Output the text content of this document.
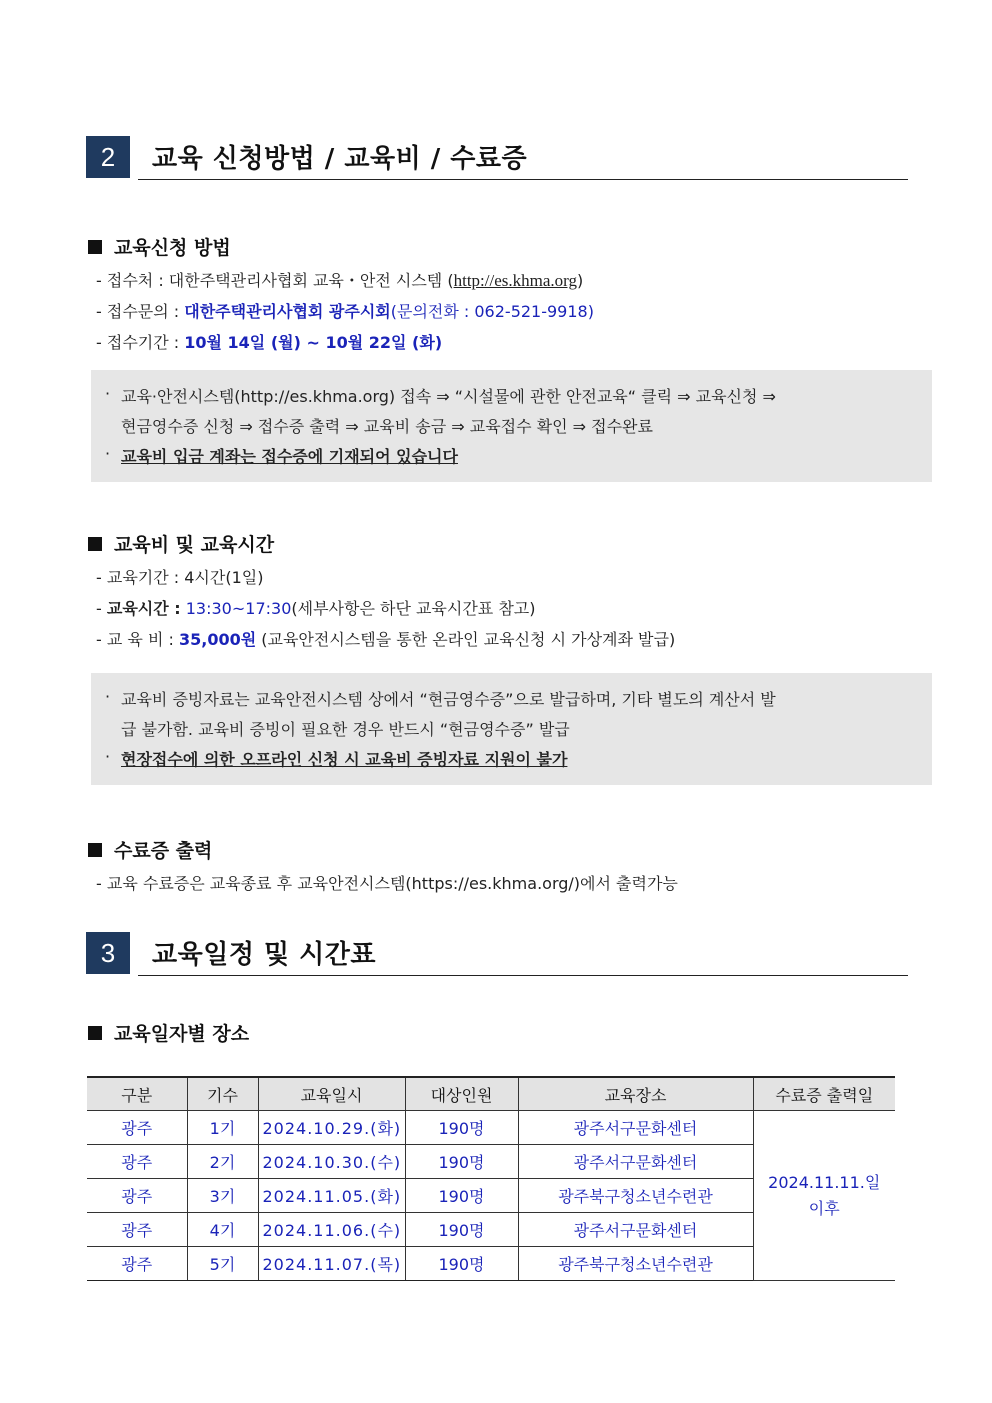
2	교육 신청방법 / 교육비 / 수료증
교육신청 방법
- 접수처 : 대한주택관리사협회 교육・안전 시스템 (http://es.khma.org)
- 접수문의 : 대한주택관리사협회 광주시회(문의전화 : 062-521-9918)
- 접수기간 : 10월 14일 (월) ~ 10월 22일 (화)
· 교육·안전시스템(http://es.khma.org) 접속 ⇒ “시설물에 관한 안전교육“ 클릭 ⇒ 교육신청 ⇒
현금영수증 신청 ⇒ 접수증 출력 ⇒ 교육비 송금 ⇒ 교육접수 확인 ⇒ 접수완료
· 교육비 입금 계좌는 접수증에 기재되어 있습니다
교육비 및 교육시간
- 교육기간 : 4시간(1일)
- 교육시간 : 13:30~17:30(세부사항은 하단 교육시간표 참고)
- 교 육 비 : 35,000원 (교육안전시스템을 통한 온라인 교육신청 시 가상계좌 발급)
· 교육비 증빙자료는 교육안전시스템 상에서 “현금영수증”으로 발급하며, 기타 별도의 계산서 발
급 불가함. 교육비 증빙이 필요한 경우 반드시 “현금영수증” 발급
· 현장접수에 의한 오프라인 신청 시 교육비 증빙자료 지원이 불가
수료증 출력
- 교육 수료증은 교육종료 후 교육안전시스템(https://es.khma.org/)에서 출력가능
3	교육일정 및 시간표
교육일자별 장소
구분	기수	교육일시	대상인원	교육장소	수료증 출력일
광주	1기	2024.10.29.(화)	190명	광주서구문화센터	2024.11.11.일
이후
광주	2기	2024.10.30.(수)	190명	광주서구문화센터	
광주	3기	2024.11.05.(화)	190명	광주북구청소년수련관	
광주	4기	2024.11.06.(수)	190명	광주서구문화센터	
광주	5기	2024.11.07.(목)	190명	광주북구청소년수련관	
